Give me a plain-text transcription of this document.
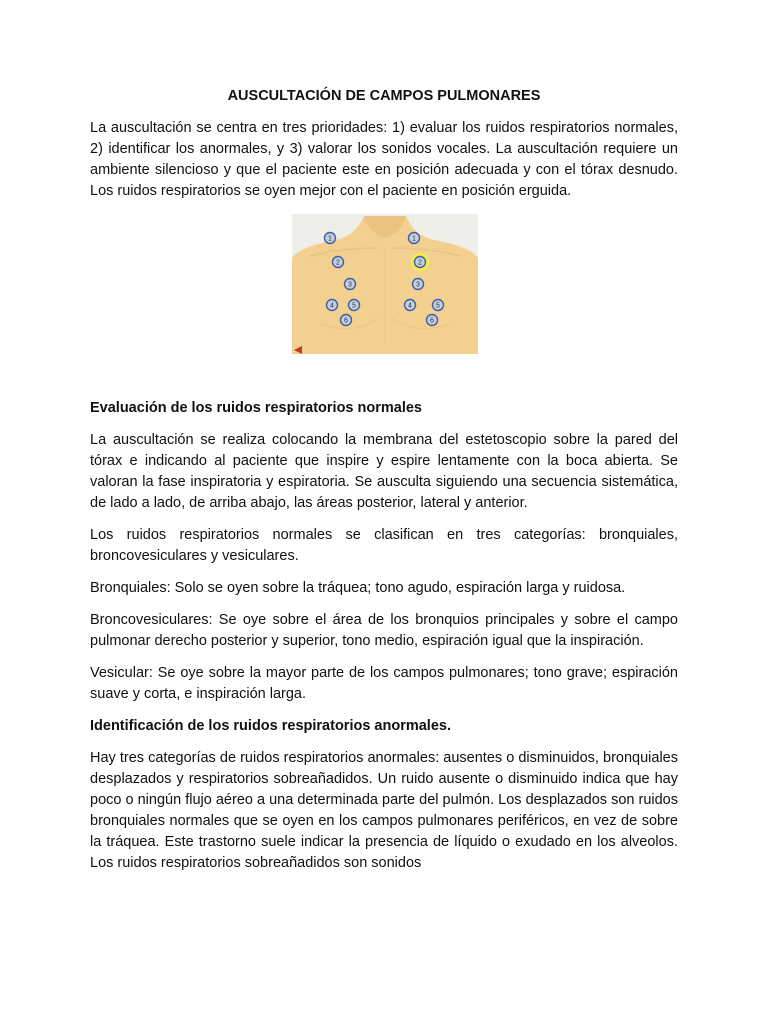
AUSCULTACIÓN DE CAMPOS PULMONARES

La auscultación se centra en tres prioridades: 1) evaluar los ruidos respiratorios normales, 2) identificar los anormales, y 3) valorar los sonidos vocales. La auscultación requiere un ambiente silencioso y que el paciente este en posición adecuada y con el tórax desnudo. Los ruidos respiratorios se oyen mejor con el paciente en posición erguida.

1
2
3
4	5
6
1
2
3
4	5
6
Evaluación de los ruidos respiratorios normales

La auscultación se realiza colocando la membrana del estetoscopio sobre la pared del tórax e indicando al paciente que inspire y espire lentamente con la boca abierta. Se valoran la fase inspiratoria y espiratoria. Se ausculta siguiendo una secuencia sistemática, de lado a lado, de arriba abajo, las áreas posterior, lateral y anterior.

Los ruidos respiratorios normales se clasifican en tres categorías: bronquiales, broncovesiculares y vesiculares.

Bronquiales: Solo se oyen sobre la tráquea; tono agudo, espiración larga y ruidosa.

Broncovesiculares: Se oye sobre el área de los bronquios principales y sobre el campo pulmonar derecho posterior y superior, tono medio, espiración igual que la inspiración.

Vesicular: Se oye sobre la mayor parte de los campos pulmonares; tono grave; espiración suave y corta, e inspiración larga.

Identificación de los ruidos respiratorios anormales.

Hay tres categorías de ruidos respiratorios anormales: ausentes o disminuidos, bronquiales desplazados y respiratorios sobreañadidos. Un ruido ausente o disminuido indica que hay poco o ningún flujo aéreo a una determinada parte del pulmón. Los desplazados son ruidos bronquiales normales que se oyen en los campos pulmonares periféricos, en vez de sobre la tráquea. Este trastorno suele indicar la presencia de líquido o exudado en los alveolos. Los ruidos respiratorios sobreañadidos son sonidos
